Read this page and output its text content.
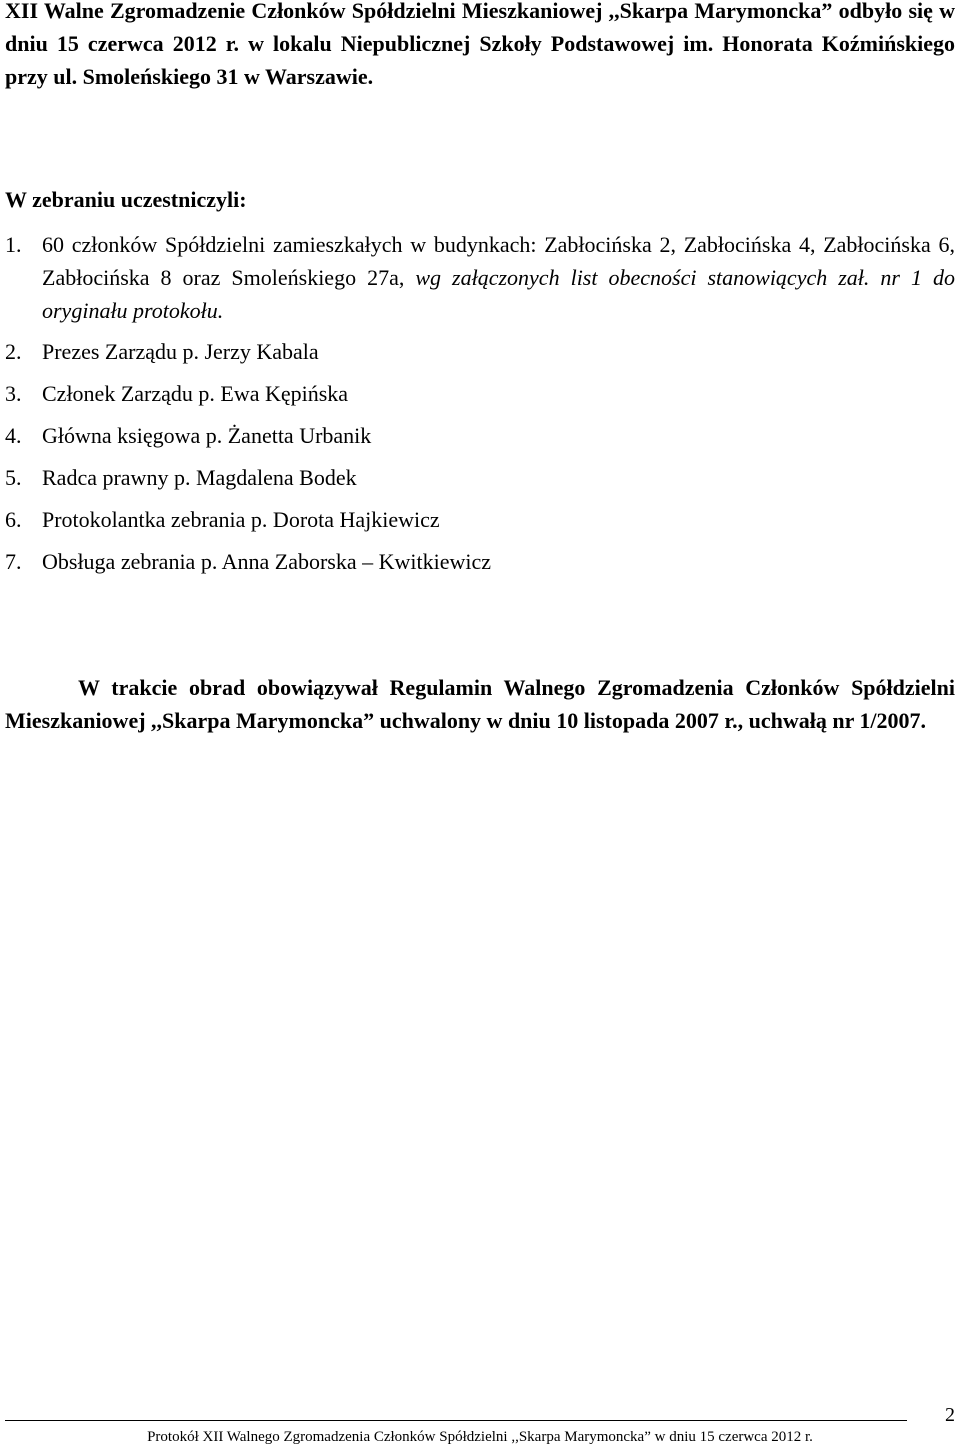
XII Walne Zgromadzenie Członków Spółdzielni Mieszkaniowej ,,Skarpa Marymoncka” odbyło się w dniu 15 czerwca 2012 r. w lokalu Niepublicznej Szkoły Podstawowej im. Honorata Koźmińskiego przy ul. Smoleńskiego 31 w Warszawie.

W zebraniu uczestniczyli:

1. 60 członków Spółdzielni zamieszkałych w budynkach: Zabłocińska 2, Zabłocińska 4, Zabłocińska 6, Zabłocińska 8 oraz Smoleńskiego 27a, wg załączonych list obecności stanowiących zał. nr 1 do oryginału protokołu.
2. Prezes Zarządu p. Jerzy Kabala
3. Członek Zarządu p. Ewa Kępińska
4. Główna księgowa p. Żanetta Urbanik
5. Radca prawny p. Magdalena Bodek
6. Protokolantka zebrania p. Dorota Hajkiewicz
7. Obsługa zebrania p. Anna Zaborska – Kwitkiewicz

W trakcie obrad obowiązywał Regulamin Walnego Zgromadzenia Członków Spółdzielni Mieszkaniowej ,,Skarpa Marymoncka” uchwalony w dniu 10 listopada 2007 r., uchwałą nr 1/2007.

Protokół XII Walnego Zgromadzenia Członków Spółdzielni ,,Skarpa Marymoncka” w dniu 15 czerwca 2012 r.
2
